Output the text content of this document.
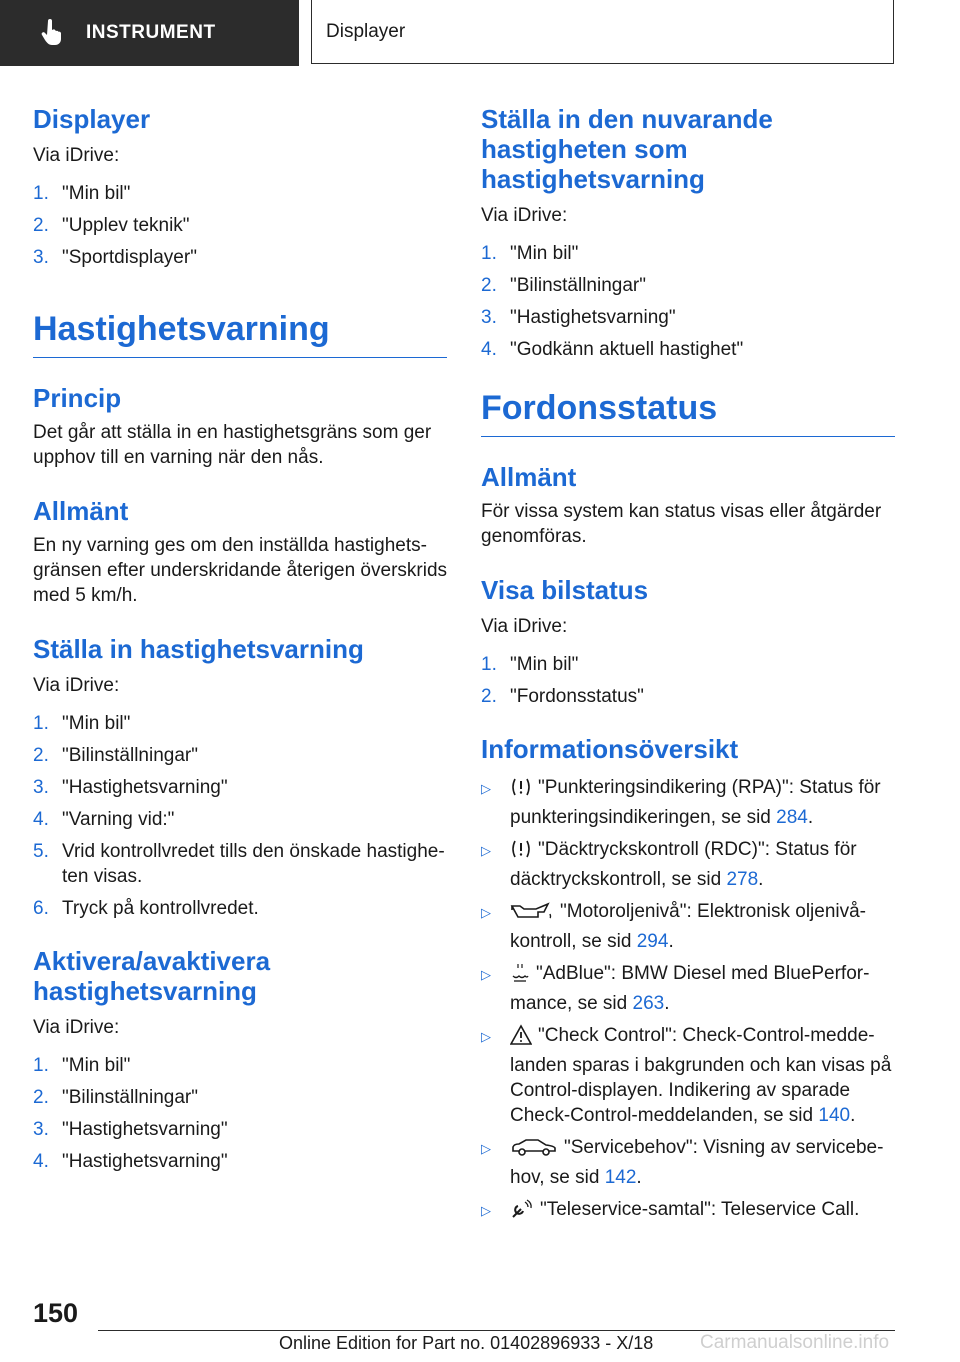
INSTRUMENT	Displayer
Displayer

Via iDrive:

1. "Min bil"
2. "Upplev teknik"
3. "Sportdisplayer"
Hastighetsvarning
Princip

Det går att ställa in en hastighetsgräns som ger upphov till en varning när den nås.

Allmänt

En ny varning ges om den inställda hastighets-gränsen efter underskridande återigen överskrids med 5 km/h.

Ställa in hastighetsvarning

Via iDrive:

1. "Min bil"
2. "Bilinställningar"
3. "Hastighetsvarning"
4. "Varning vid:"
5. Vrid kontrollvredet tills den önskade hastighe-ten visas.
6. Tryck på kontrollvredet.
Aktivera/avaktivera hastighetsvarning

Via iDrive:

1. "Min bil"
2. "Bilinställningar"
3. "Hastighetsvarning"
4. "Hastighetsvarning"
Ställa in den nuvarande hastigheten som hastighetsvarning

Via iDrive:

1. "Min bil"
2. "Bilinställningar"
3. "Hastighetsvarning"
4. "Godkänn aktuell hastighet"
Fordonsstatus
Allmänt

För vissa system kan status visas eller åtgärder genomföras.

Visa bilstatus

Via iDrive:

1. "Min bil"
2. "Fordonsstatus"
Informationsöversikt
▷	"Punkteringsindikering (RPA)": Status för punkteringsindikeringen, se sid 284.
▷	"Däcktryckskontroll (RDC)": Status för däcktryckskontroll, se sid 278.
▷	"Motoroljenivå": Elektronisk oljenivå-kontroll, se sid 294.
▷	"AdBlue": BMW Diesel med BluePerfor-mance, se sid 263.
▷	"Check Control": Check-Control-medde-landen sparas i bakgrunden och kan visas på Control-displayen. Indikering av sparade Check-Control-meddelanden, se sid 140.
▷	"Servicebehov": Visning av servicebe-hov, se sid 142.
▷	"Teleservice-samtal": Teleservice Call.
150
Online Edition for Part no. 01402896933 - X/18 Carmanualsonline.info
